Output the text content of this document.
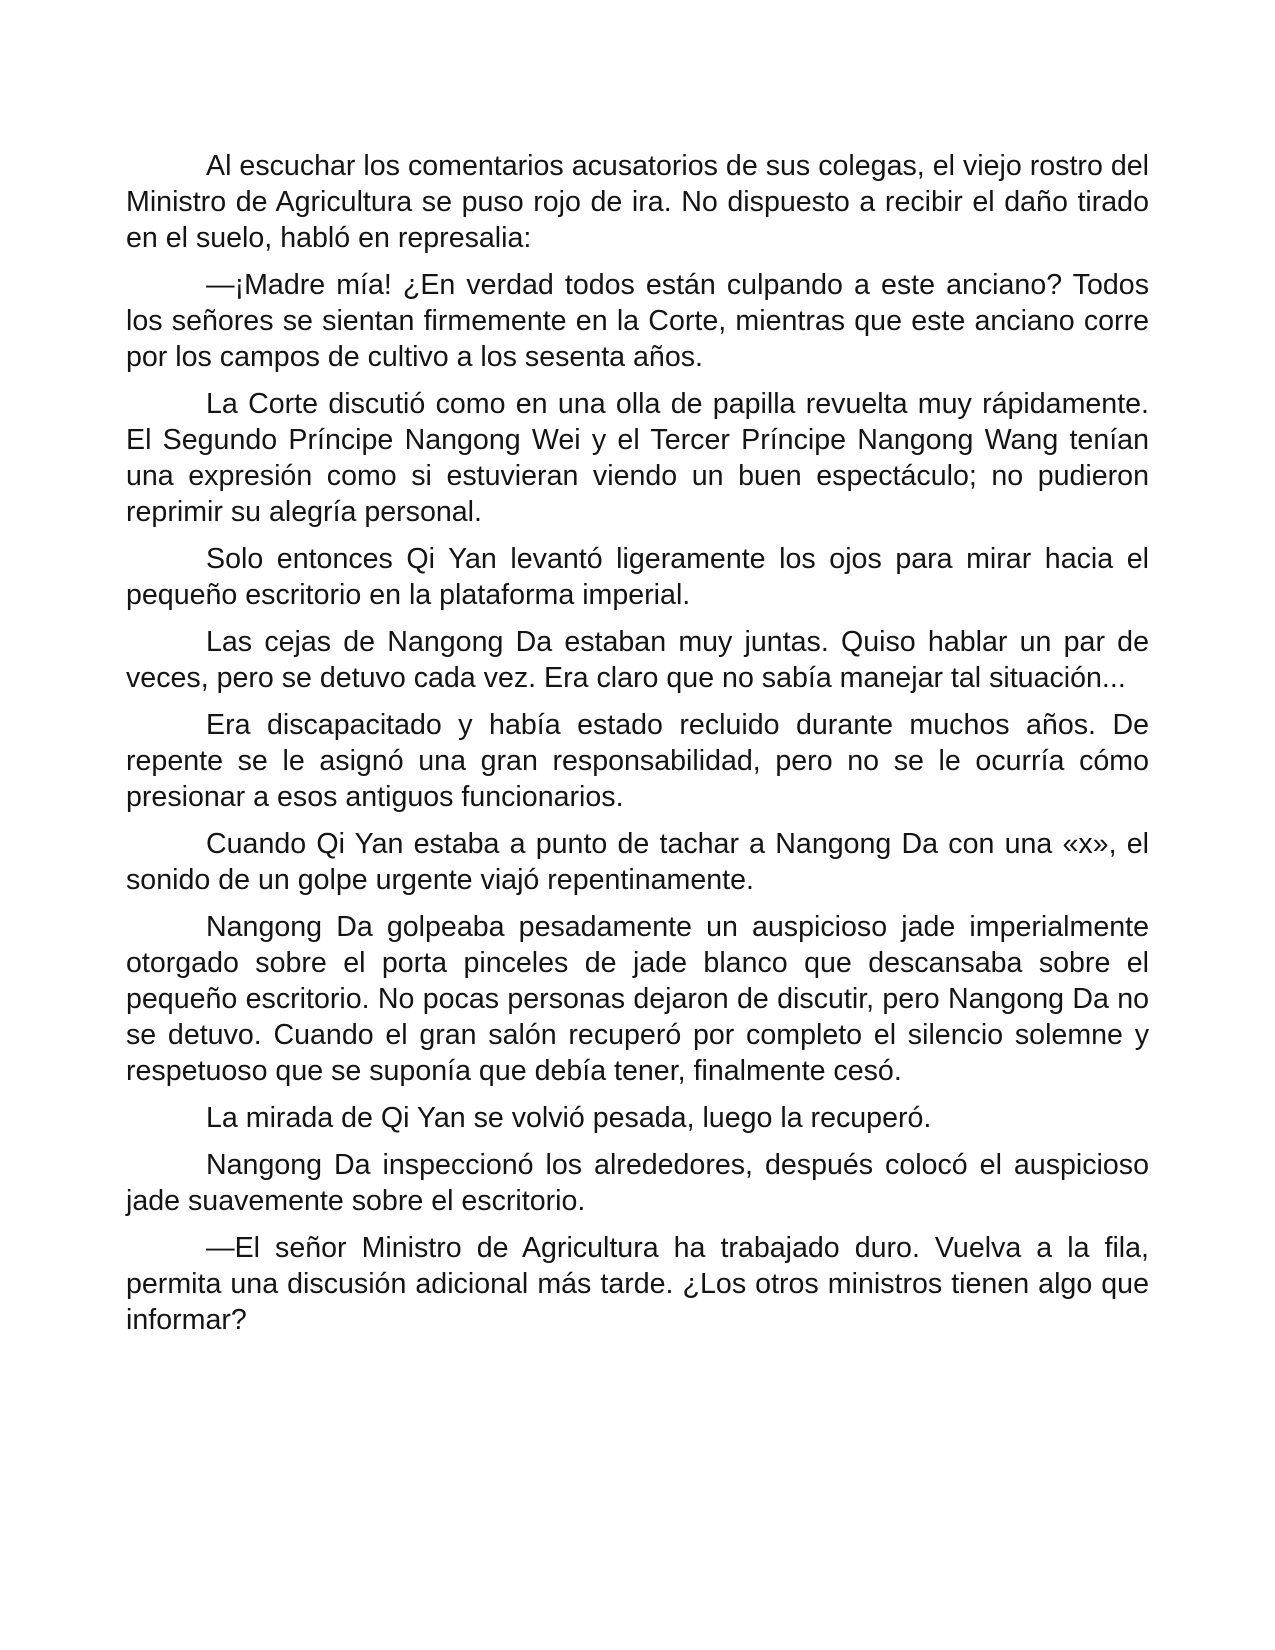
Al escuchar los comentarios acusatorios de sus colegas, el viejo rostro del Ministro de Agricultura se puso rojo de ira. No dispuesto a recibir el daño tirado en el suelo, habló en represalia:

—¡Madre mía! ¿En verdad todos están culpando a este anciano? Todos los señores se sientan firmemente en la Corte, mientras que este anciano corre por los campos de cultivo a los sesenta años.

La Corte discutió como en una olla de papilla revuelta muy rápidamente. El Segundo Príncipe Nangong Wei y el Tercer Príncipe Nangong Wang tenían una expresión como si estuvieran viendo un buen espectáculo; no pudieron reprimir su alegría personal.

Solo entonces Qi Yan levantó ligeramente los ojos para mirar hacia el pequeño escritorio en la plataforma imperial.

Las cejas de Nangong Da estaban muy juntas. Quiso hablar un par de veces, pero se detuvo cada vez. Era claro que no sabía manejar tal situación...

Era discapacitado y había estado recluido durante muchos años. De repente se le asignó una gran responsabilidad, pero no se le ocurría cómo presionar a esos antiguos funcionarios.

Cuando Qi Yan estaba a punto de tachar a Nangong Da con una «x», el sonido de un golpe urgente viajó repentinamente.

Nangong Da golpeaba pesadamente un auspicioso jade imperialmente otorgado sobre el porta pinceles de jade blanco que descansaba sobre el pequeño escritorio. No pocas personas dejaron de discutir, pero Nangong Da no se detuvo. Cuando el gran salón recuperó por completo el silencio solemne y respetuoso que se suponía que debía tener, finalmente cesó.

La mirada de Qi Yan se volvió pesada, luego la recuperó.

Nangong Da inspeccionó los alrededores, después colocó el auspicioso jade suavemente sobre el escritorio.

—El señor Ministro de Agricultura ha trabajado duro. Vuelva a la fila, permita una discusión adicional más tarde. ¿Los otros ministros tienen algo que informar?
